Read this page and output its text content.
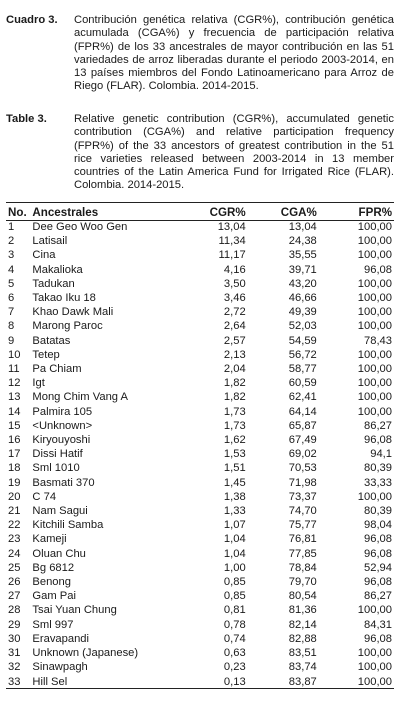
Cuadro 3.	Contribución genética relativa (CGR%), contribución genética acumulada (CGA%) y frecuencia de participación relativa (FPR%) de los 33 ancestrales de mayor contribución en las 51 variedades de arroz liberadas durante el periodo 2003-2014, en 13 países miembros del Fondo Latinoamericano para Arroz de Riego (FLAR). Colombia. 2014-2015.
Table 3.	Relative genetic contribution (CGR%), accumulated genetic contribution (CGA%) and relative participation frequency (FPR%) of the 33 ancestors of greatest contribution in the 51 rice varieties released between 2003-2014 in 13 member countries of the Latin America Fund for Irrigated Rice (FLAR). Colombia. 2014-2015.
No.	Ancestrales	CGR%	CGA%	FPR%
1	Dee Geo Woo Gen	13,04	13,04	100,00
2	Latisail	11,34	24,38	100,00
3	Cina	11,17	35,55	100,00
4	Makalioka	4,16	39,71	96,08
5	Tadukan	3,50	43,20	100,00
6	Takao Iku 18	3,46	46,66	100,00
7	Khao Dawk Mali	2,72	49,39	100,00
8	Marong Paroc	2,64	52,03	100,00
9	Batatas	2,57	54,59	78,43
10	Tetep	2,13	56,72	100,00
11	Pa Chiam	2,04	58,77	100,00
12	Igt	1,82	60,59	100,00
13	Mong Chim Vang A	1,82	62,41	100,00
14	Palmira 105	1,73	64,14	100,00
15	<Unknown>	1,73	65,87	86,27
16	Kiryouyoshi	1,62	67,49	96,08
17	Dissi Hatif	1,53	69,02	94,1
18	Sml 1010	1,51	70,53	80,39
19	Basmati 370	1,45	71,98	33,33
20	C 74	1,38	73,37	100,00
21	Nam Sagui	1,33	74,70	80,39
22	Kitchili Samba	1,07	75,77	98,04
23	Kameji	1,04	76,81	96,08
24	Oluan Chu	1,04	77,85	96,08
25	Bg 6812	1,00	78,84	52,94
26	Benong	0,85	79,70	96,08
27	Gam Pai	0,85	80,54	86,27
28	Tsai Yuan Chung	0,81	81,36	100,00
29	Sml 997	0,78	82,14	84,31
30	Eravapandi	0,74	82,88	96,08
31	Unknown (Japanese)	0,63	83,51	100,00
32	Sinawpagh	0,23	83,74	100,00
33	Hill Sel	0,13	83,87	100,00
